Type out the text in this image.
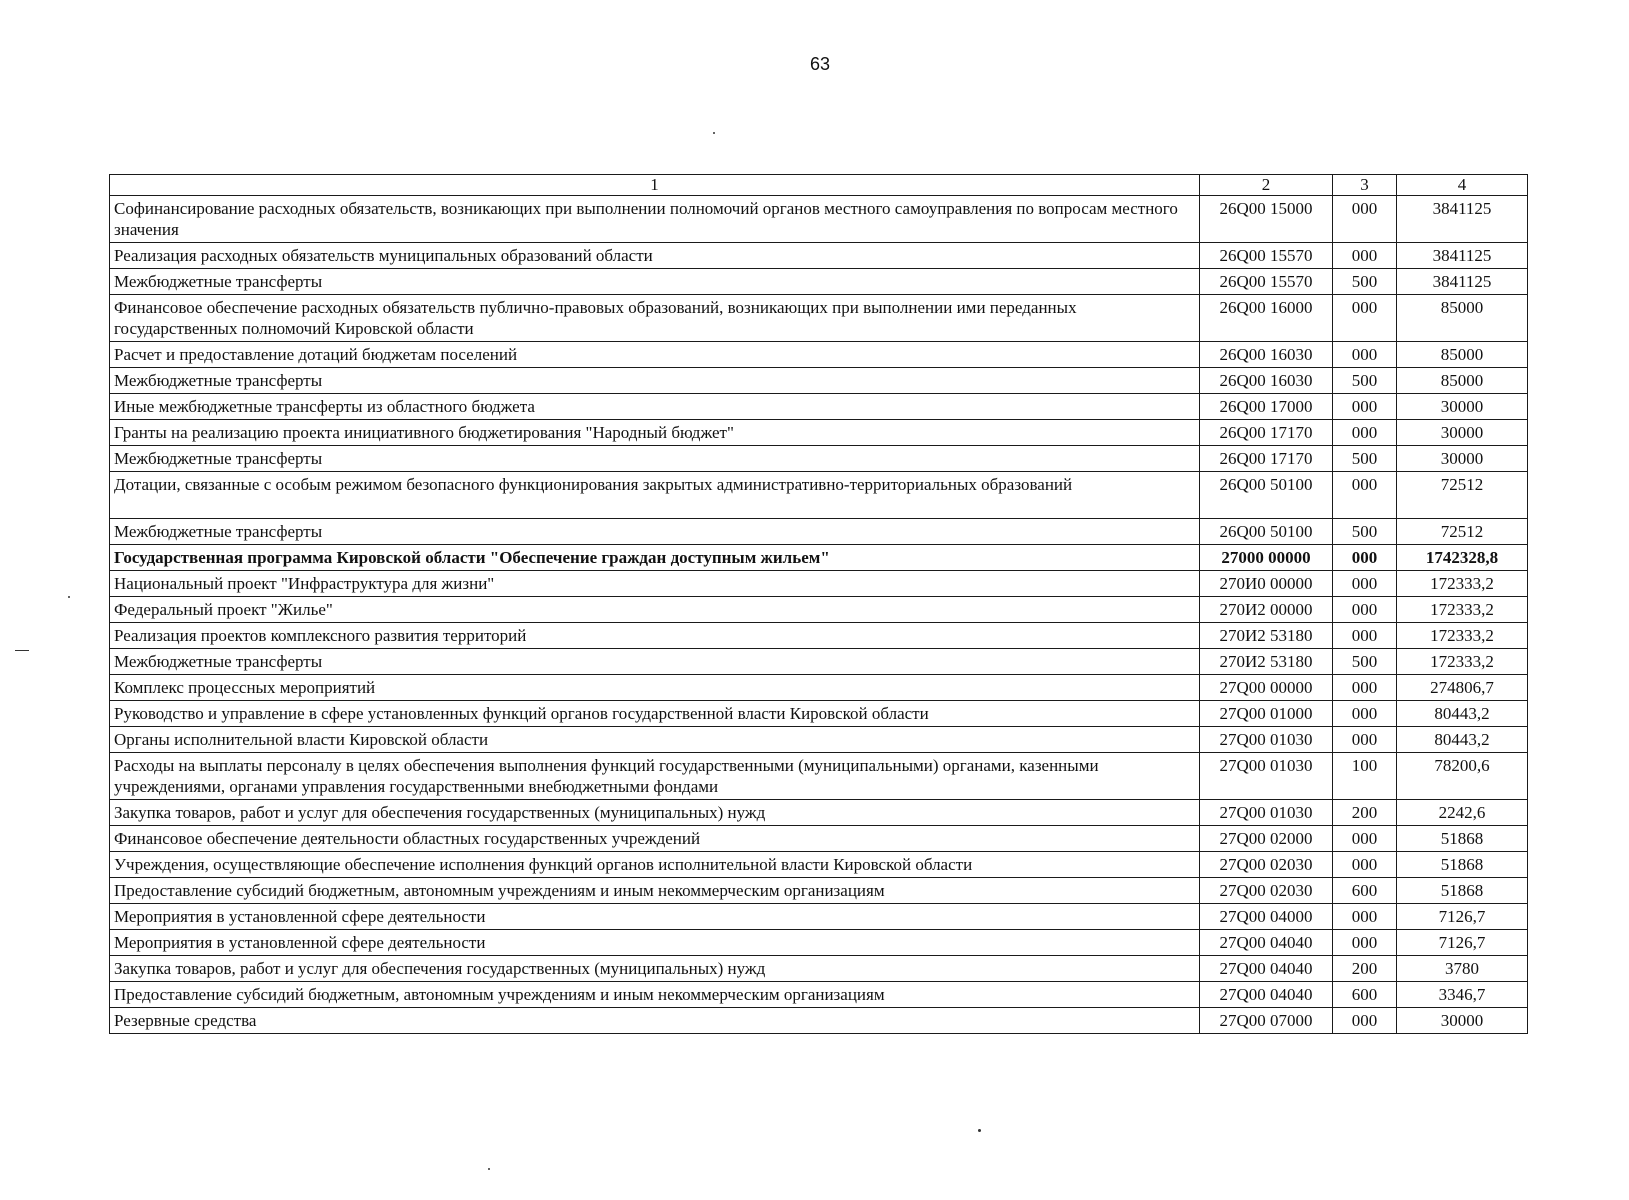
63
1	2	3	4
Софинансирование расходных обязательств, возникающих при выполнении полномочий органов местного самоуправления по вопросам местного значения	26Q00 15000	000	3841125
Реализация расходных обязательств муниципальных образований области	26Q00 15570	000	3841125
Межбюджетные трансферты	26Q00 15570	500	3841125
Финансовое обеспечение расходных обязательств публично-правовых образований, возникающих при выполнении ими переданных государственных полномочий Кировской области	26Q00 16000	000	85000
Расчет и предоставление дотаций бюджетам поселений	26Q00 16030	000	85000
Межбюджетные трансферты	26Q00 16030	500	85000
Иные межбюджетные трансферты из областного бюджета	26Q00 17000	000	30000
Гранты на реализацию проекта инициативного бюджетирования "Народный бюджет"	26Q00 17170	000	30000
Межбюджетные трансферты	26Q00 17170	500	30000
Дотации, связанные с особым режимом безопасного функционирования закрытых административно-территориальных образований	26Q00 50100	000	72512
Межбюджетные трансферты	26Q00 50100	500	72512
Государственная программа Кировской области "Обеспечение граждан доступным жильем"	27000 00000	000	1742328,8
Национальный проект "Инфраструктура для жизни"	270И0 00000	000	172333,2
Федеральный проект "Жилье"	270И2 00000	000	172333,2
Реализация проектов комплексного развития территорий	270И2 53180	000	172333,2
Межбюджетные трансферты	270И2 53180	500	172333,2
Комплекс процессных мероприятий	27Q00 00000	000	274806,7
Руководство и управление в сфере установленных функций органов государственной власти Кировской области	27Q00 01000	000	80443,2
Органы исполнительной власти Кировской области	27Q00 01030	000	80443,2
Расходы на выплаты персоналу в целях обеспечения выполнения функций государственными (муниципальными) органами, казенными учреждениями, органами управления государственными внебюджетными фондами	27Q00 01030	100	78200,6
Закупка товаров, работ и услуг для обеспечения государственных (муниципальных) нужд	27Q00 01030	200	2242,6
Финансовое обеспечение деятельности областных государственных учреждений	27Q00 02000	000	51868
Учреждения, осуществляющие обеспечение исполнения функций органов исполнительной власти Кировской области	27Q00 02030	000	51868
Предоставление субсидий бюджетным, автономным учреждениям и иным некоммерческим организациям	27Q00 02030	600	51868
Мероприятия в установленной сфере деятельности	27Q00 04000	000	7126,7
Мероприятия в установленной сфере деятельности	27Q00 04040	000	7126,7
Закупка товаров, работ и услуг для обеспечения государственных (муниципальных) нужд	27Q00 04040	200	3780
Предоставление субсидий бюджетным, автономным учреждениям и иным некоммерческим организациям	27Q00 04040	600	3346,7
Резервные средства	27Q00 07000	000	30000
